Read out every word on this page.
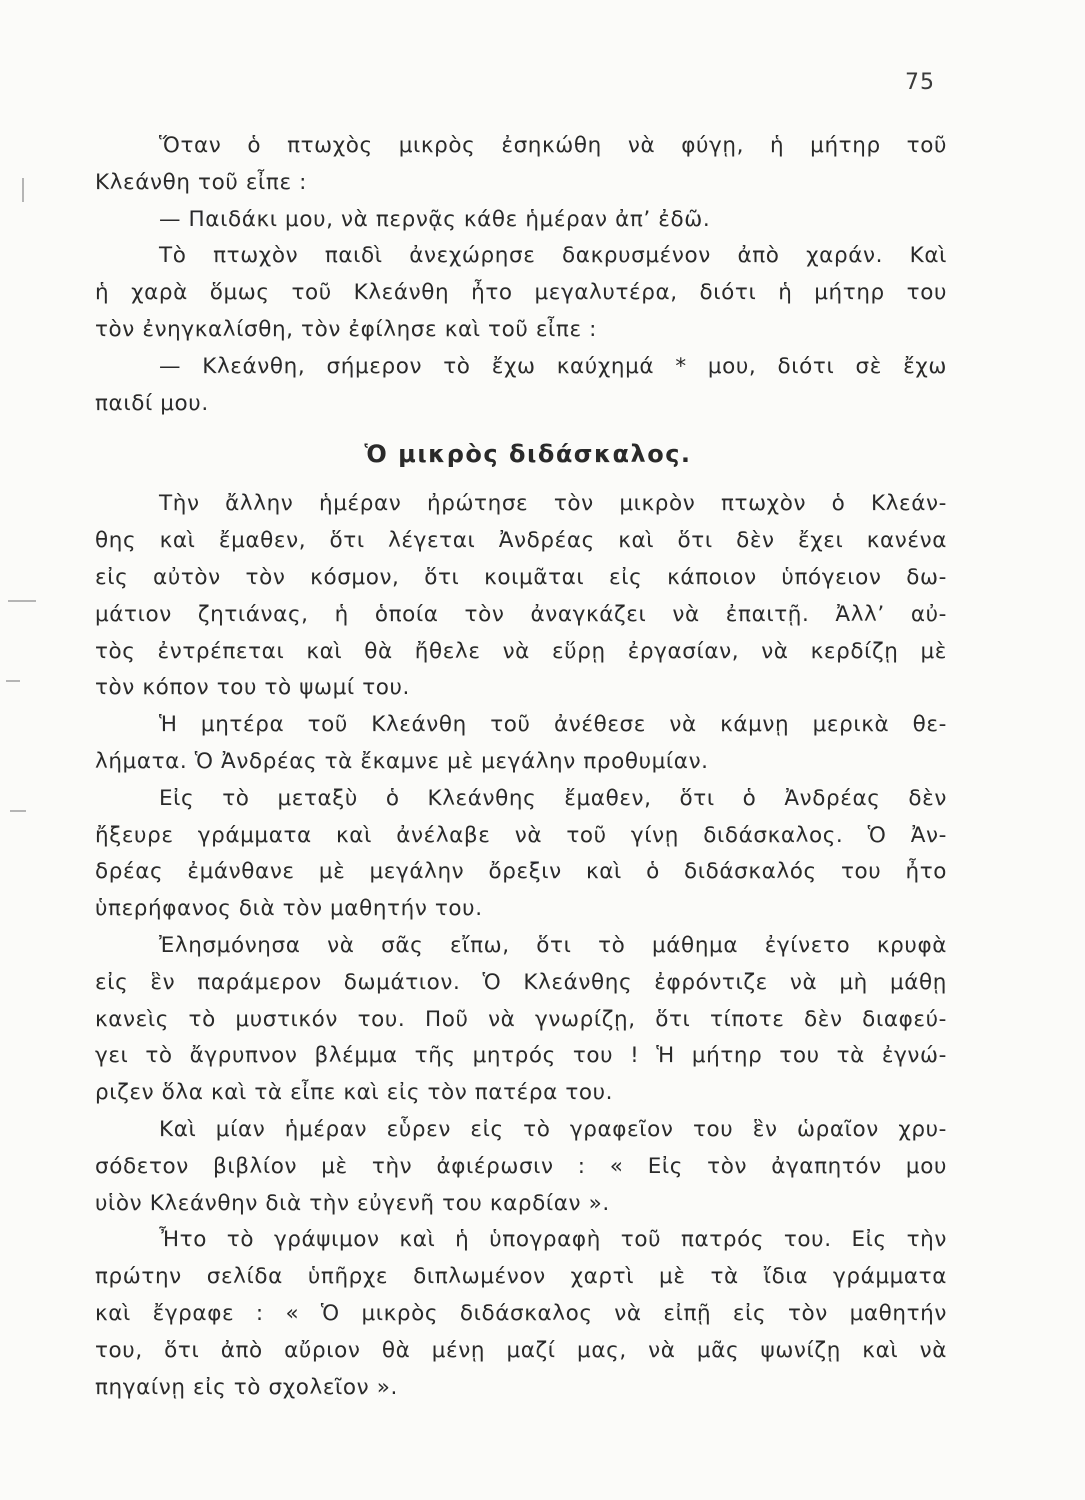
75
Ὅταν ὁ πτωχὸς μικρὸς ἐσηκώθη νὰ φύγῃ, ἡ μήτηρ τοῦ
Κλεάνθη τοῦ εἶπε :
— Παιδάκι μου, νὰ περνᾷς κάθε ἡμέραν ἀπ’ ἐδῶ.
Τὸ πτωχὸν παιδὶ ἀνεχώρησε δακρυσμένον ἀπὸ χαράν. Καὶ
ἡ χαρὰ ὅμως τοῦ Κλεάνθη ἦτο μεγαλυτέρα, διότι ἡ μήτηρ του
τὸν ἐνηγκαλίσθη, τὸν ἐφίλησε καὶ τοῦ εἶπε :
— Κλεάνθη, σήμερον τὸ ἔχω καύχημά * μου, διότι σὲ ἔχω
παιδί μου.
Ὁ μικρὸς διδάσκαλος.
Τὴν ἄλλην ἡμέραν ἠρώτησε τὸν μικρὸν πτωχὸν ὁ Κλεάν-
θης καὶ ἔμαθεν, ὅτι λέγεται Ἀνδρέας καὶ ὅτι δὲν ἔχει κανένα
εἰς αὐτὸν τὸν κόσμον, ὅτι κοιμᾶται εἰς κάποιον ὑπόγειον δω-
μάτιον ζητιάνας, ἡ ὁποία τὸν ἀναγκάζει νὰ ἐπαιτῇ. Ἀλλ’ αὐ-
τὸς ἐντρέπεται καὶ θὰ ἤθελε νὰ εὕρῃ ἐργασίαν, νὰ κερδίζῃ μὲ
τὸν κόπον του τὸ ψωμί του.
Ἡ μητέρα τοῦ Κλεάνθη τοῦ ἀνέθεσε νὰ κάμνῃ μερικὰ θε-
λήματα. Ὁ Ἀνδρέας τὰ ἔκαμνε μὲ μεγάλην προθυμίαν.
Εἰς τὸ μεταξὺ ὁ Κλεάνθης ἔμαθεν, ὅτι ὁ Ἀνδρέας δὲν
ἤξευρε γράμματα καὶ ἀνέλαβε νὰ τοῦ γίνῃ διδάσκαλος. Ὁ Ἀν-
δρέας ἐμάνθανε μὲ μεγάλην ὄρεξιν καὶ ὁ διδάσκαλός του ἦτο
ὑπερήφανος διὰ τὸν μαθητήν του.
Ἐλησμόνησα νὰ σᾶς εἴπω, ὅτι τὸ μάθημα ἐγίνετο κρυφὰ
εἰς ἓν παράμερον δωμάτιον. Ὁ Κλεάνθης ἐφρόντιζε νὰ μὴ μάθῃ
κανεὶς τὸ μυστικόν του. Ποῦ νὰ γνωρίζῃ, ὅτι τίποτε δὲν διαφεύ-
γει τὸ ἄγρυπνον βλέμμα τῆς μητρός του ! Ἡ μήτηρ του τὰ ἐγνώ-
ριζεν ὅλα καὶ τὰ εἶπε καὶ εἰς τὸν πατέρα του.
Καὶ μίαν ἡμέραν εὗρεν εἰς τὸ γραφεῖον του ἓν ὡραῖον χρυ-
σόδετον βιβλίον μὲ τὴν ἀφιέρωσιν : « Εἰς τὸν ἀγαπητόν μου
υἱὸν Κλεάνθην διὰ τὴν εὐγενῆ του καρδίαν ».
Ἦτο τὸ γράψιμον καὶ ἡ ὑπογραφὴ τοῦ πατρός του. Εἰς τὴν
πρώτην σελίδα ὑπῆρχε διπλωμένον χαρτὶ μὲ τὰ ἴδια γράμματα
καὶ ἔγραφε : « Ὁ μικρὸς διδάσκαλος νὰ εἰπῇ εἰς τὸν μαθητήν
του, ὅτι ἀπὸ αὔριον θὰ μένῃ μαζί μας, νὰ μᾶς ψωνίζῃ καὶ νὰ
πηγαίνῃ εἰς τὸ σχολεῖον ».
